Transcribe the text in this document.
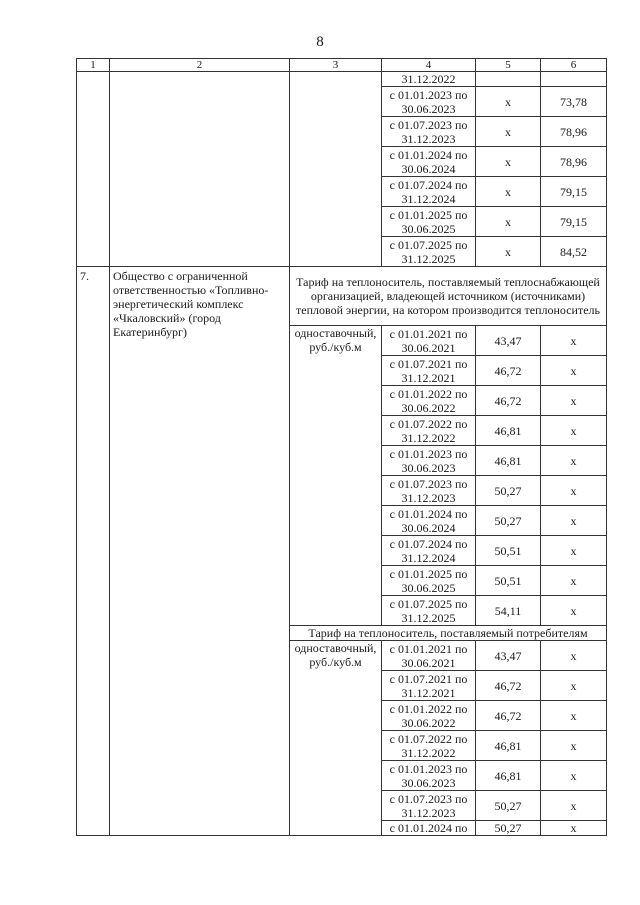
8
1	2	3	4	5	6
			31.12.2022		
			с 01.01.2023 по 30.06.2023	x	73,78
			с 01.07.2023 по 31.12.2023	x	78,96
			с 01.01.2024 по 30.06.2024	x	78,96
			с 01.07.2024 по 31.12.2024	x	79,15
			с 01.01.2025 по 30.06.2025	x	79,15
			с 01.07.2025 по 31.12.2025	x	84,52
7.	Общество с ограниченной ответственностью «Топливно-энергетический комплекс «Чкаловский» (город Екатеринбург)	Тариф на теплоноситель, поставляемый теплоснабжающей организацией, владеющей источником (источниками) тепловой энергии, на котором производится теплоноситель			
		одноставочный, руб./куб.м	с 01.01.2021 по 30.06.2021	43,47	x
			с 01.07.2021 по 31.12.2021	46,72	x
			с 01.01.2022 по 30.06.2022	46,72	x
			с 01.07.2022 по 31.12.2022	46,81	x
			с 01.01.2023 по 30.06.2023	46,81	x
			с 01.07.2023 по 31.12.2023	50,27	x
			с 01.01.2024 по 30.06.2024	50,27	x
			с 01.07.2024 по 31.12.2024	50,51	x
			с 01.01.2025 по 30.06.2025	50,51	x
			с 01.07.2025 по 31.12.2025	54,11	x
		Тариф на теплоноситель, поставляемый потребителям			
		одноставочный, руб./куб.м	с 01.01.2021 по 30.06.2021	43,47	x
			с 01.07.2021 по 31.12.2021	46,72	x
			с 01.01.2022 по 30.06.2022	46,72	x
			с 01.07.2022 по 31.12.2022	46,81	x
			с 01.01.2023 по 30.06.2023	46,81	x
			с 01.07.2023 по 31.12.2023	50,27	x
			с 01.01.2024 по	50,27	x
